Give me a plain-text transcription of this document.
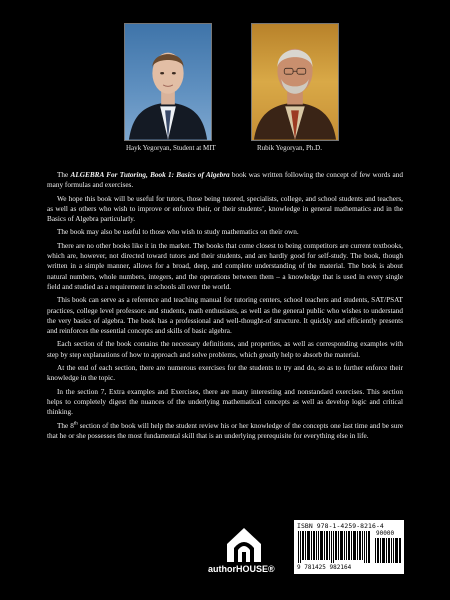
Hayk Yegoryan, Student at MIT	Rubik Yegoryan, Ph.D.

The ALGEBRA For Tutoring, Book 1: Basics of Algebra book was written following the concept of few words and many formulas and exercises.

We hope this book will be useful for tutors, those being tutored, specialists, college, and school students and teachers, as well as others who wish to improve or enforce their, or their students’, knowledge in general mathematics and in the Basics of Algebra particularly.

The book may also be useful to those who wish to study mathematics on their own.

There are no other books like it in the market. The books that come closest to being competitors are current textbooks, which are, however, not directed toward tutors and their students, and are hardly good for self-study. The book, though written in a simple manner, allows for a broad, deep, and complete understanding of the material. The book is about natural numbers, whole numbers, integers, and the operations between them – a knowledge that is used in every single field and studied as a requirement in schools all over the world.

This book can serve as a reference and teaching manual for tutoring centers, school teachers and students, SAT/PSAT practices, college level professors and students, math enthusiasts, as well as the general public who wishes to understand the very basics of algebra. The book has a professional and well-thought-of structure. It quickly and efficiently presents and reinforces the essential concepts and skills of basic algebra.

Each section of the book contains the necessary definitions, and properties, as well as corresponding examples with step by step explanations of how to approach and solve problems, which greatly help to absorb the material.

At the end of each section, there are numerous exercises for the students to try and do, so as to further enforce their knowledge in the topic.

In the section 7, Extra examples and Exercises, there are many interesting and nonstandard exercises. This section helps to completely digest the nuances of the underlying mathematical concepts as well as develop logic and critical thinking.

The 8th section of the book will help the student review his or her knowledge of the concepts one last time and be sure that he or she possesses the most fundamental skill that is an underlying prerequisite for everything else in life.

authorHOUSE®
ISBN 978-1-4259-8216-4
90000
9 781425 982164
